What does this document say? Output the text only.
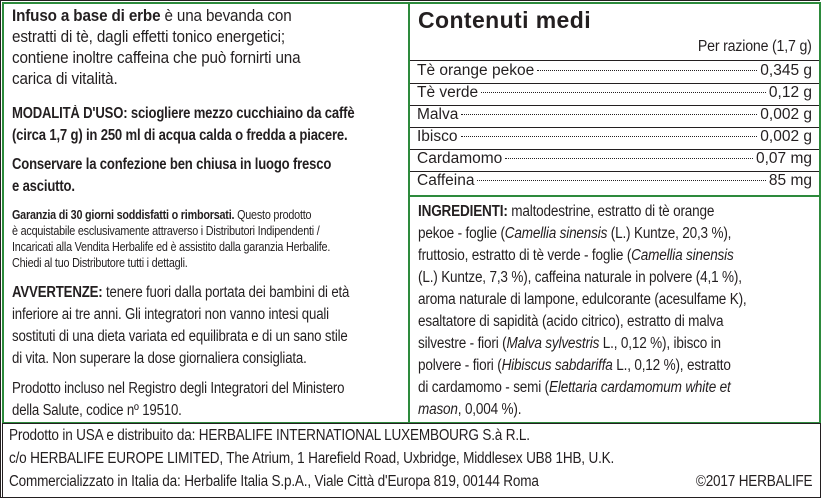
Infuso a base di erbe è una bevanda con
estratti di tè, dagli effetti tonico energetici;
contiene inoltre caffeina che può fornirti una
carica di vitalità.
MODALITÀ D'USO: sciogliere mezzo cucchiaino da caffè
(circa 1,7 g) in 250 ml di acqua calda o fredda a piacere.
Conservare la confezione ben chiusa in luogo fresco
e asciutto.
Garanzia di 30 giorni soddisfatti o rimborsati. Questo prodotto
è acquistabile esclusivamente attraverso i Distributori Indipendenti /
Incaricati alla Vendita Herbalife ed è assistito dalla garanzia Herbalife.
Chiedi al tuo Distributore tutti i dettagli.
AVVERTENZE: tenere fuori dalla portata dei bambini di età
inferiore ai tre anni. Gli integratori non vanno intesi quali
sostituti di una dieta variata ed equilibrata e di un sano stile
di vita. Non superare la dose giornaliera consigliata.
Prodotto incluso nel Registro degli Integratori del Ministero
della Salute, codice nº 19510.
Contenuti medi
Per razione (1,7 g)
Tè orange pekoe	0,345 g
Tè verde	0,12 g
Malva	0,002 g
Ibisco	0,002 g
Cardamomo	0,07 mg
Caffeina	85 mg
INGREDIENTI: maltodestrine, estratto di tè orange
pekoe - foglie (Camellia sinensis (L.) Kuntze, 20,3 %),
fruttosio, estratto di tè verde - foglie (Camellia sinensis
(L.) Kuntze, 7,3 %), caffeina naturale in polvere (4,1 %),
aroma naturale di lampone, edulcorante (acesulfame K),
esaltatore di sapidità (acido citrico), estratto di malva
silvestre - fiori (Malva sylvestris L., 0,12 %), ibisco in
polvere - fiori (Hibiscus sabdariffa L., 0,12 %), estratto
di cardamomo - semi (Elettaria cardamomum white et
mason, 0,004 %).
Prodotto in USA e distribuito da: HERBALIFE INTERNATIONAL LUXEMBOURG S.à R.L.
c/o HERBALIFE EUROPE LIMITED, The Atrium, 1 Harefield Road, Uxbridge, Middlesex UB8 1HB, U.K.
Commercializzato in Italia da: Herbalife Italia S.p.A., Viale Città d'Europa 819, 00144 Roma	©2017 HERBALIFE
